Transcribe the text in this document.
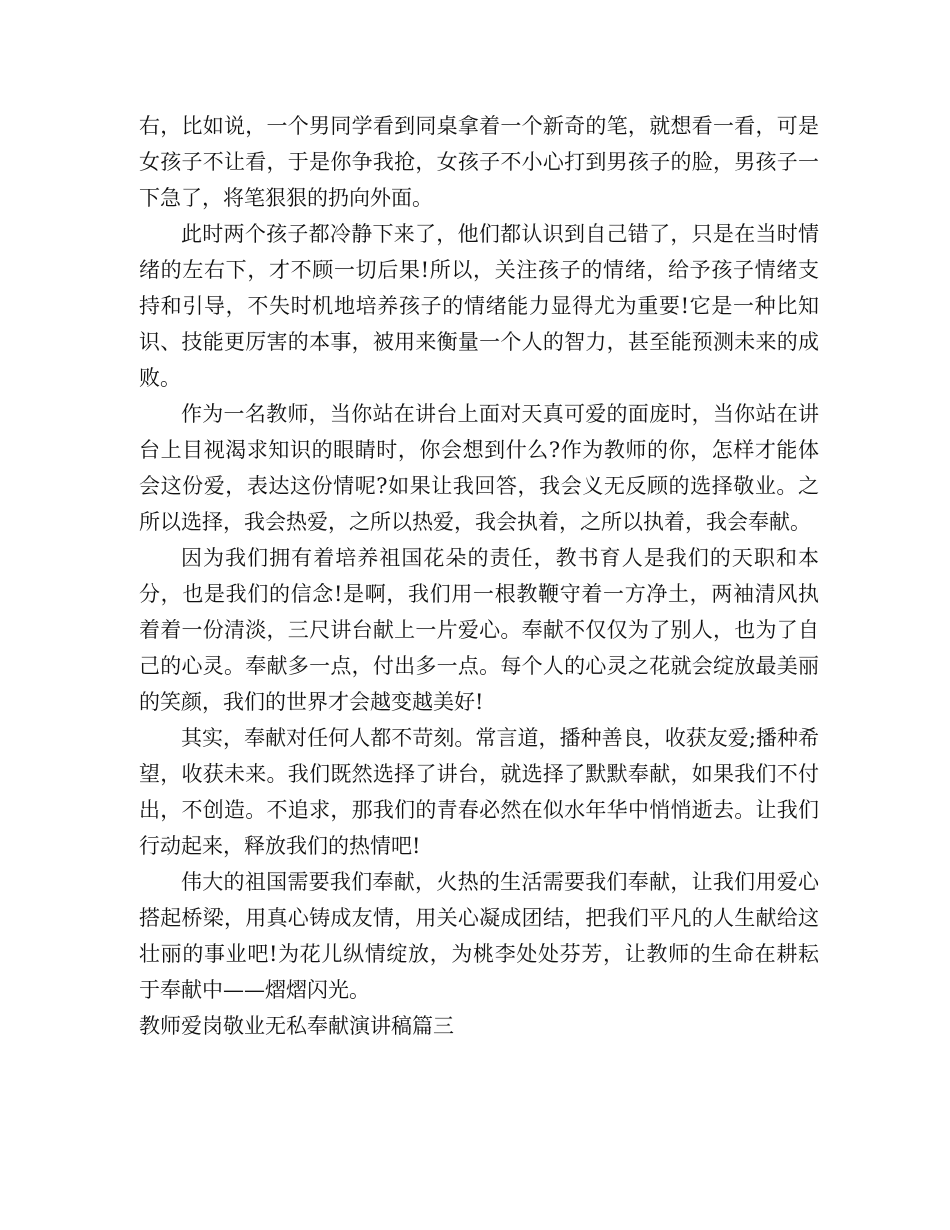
右，比如说，一个男同学看到同桌拿着一个新奇的笔，就想看一看，可是女孩子不让看，于是你争我抢，女孩子不小心打到男孩子的脸，男孩子一下急了，将笔狠狠的扔向外面。

此时两个孩子都冷静下来了，他们都认识到自己错了，只是在当时情绪的左右下，才不顾一切后果!所以，关注孩子的情绪，给予孩子情绪支持和引导，不失时机地培养孩子的情绪能力显得尤为重要!它是一种比知识、技能更厉害的本事，被用来衡量一个人的智力，甚至能预测未来的成败。

作为一名教师，当你站在讲台上面对天真可爱的面庞时，当你站在讲台上目视渴求知识的眼睛时，你会想到什么?作为教师的你，怎样才能体会这份爱，表达这份情呢?如果让我回答，我会义无反顾的选择敬业。之所以选择，我会热爱，之所以热爱，我会执着，之所以执着，我会奉献。

因为我们拥有着培养祖国花朵的责任，教书育人是我们的天职和本分，也是我们的信念!是啊，我们用一根教鞭守着一方净土，两袖清风执着着一份清淡，三尺讲台献上一片爱心。奉献不仅仅为了别人，也为了自己的心灵。奉献多一点，付出多一点。每个人的心灵之花就会绽放最美丽的笑颜，我们的世界才会越变越美好!

其实，奉献对任何人都不苛刻。常言道，播种善良，收获友爱;播种希望，收获未来。我们既然选择了讲台，就选择了默默奉献，如果我们不付出，不创造。不追求，那我们的青春必然在似水年华中悄悄逝去。让我们行动起来，释放我们的热情吧!

伟大的祖国需要我们奉献，火热的生活需要我们奉献，让我们用爱心搭起桥梁，用真心铸成友情，用关心凝成团结，把我们平凡的人生献给这壮丽的事业吧!为花儿纵情绽放，为桃李处处芬芳，让教师的生命在耕耘于奉献中——熠熠闪光。

教师爱岗敬业无私奉献演讲稿篇三
